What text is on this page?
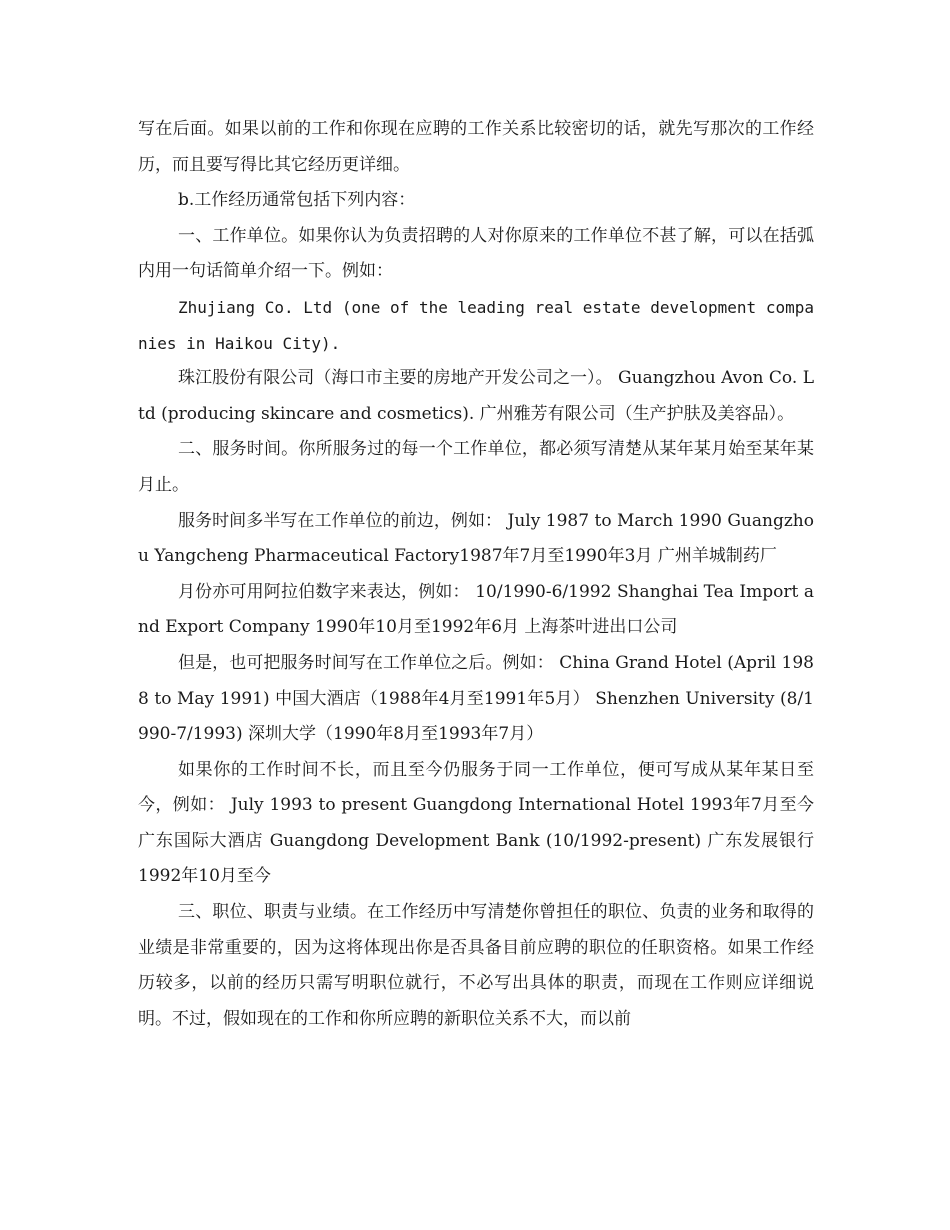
写在后面。如果以前的工作和你现在应聘的工作关系比较密切的话，就先写那次的工作经历，而且要写得比其它经历更详细。

b.工作经历通常包括下列内容：

一、工作单位。如果你认为负责招聘的人对你原来的工作单位不甚了解，可以在括弧内用一句话简单介绍一下。例如：

Zhujiang Co. Ltd (one of the leading real estate development companies in Haikou City).

珠江股份有限公司（海口市主要的房地产开发公司之一）。 Guangzhou Avon Co. Ltd (producing skincare and cosmetics). 广州雅芳有限公司（生产护肤及美容品）。

二、服务时间。你所服务过的每一个工作单位，都必须写清楚从某年某月始至某年某月止。

服务时间多半写在工作单位的前边，例如： July 1987 to March 1990 Guangzhou Yangcheng Pharmaceutical Factory1987年7月至1990年3月 广州羊城制药厂

月份亦可用阿拉伯数字来表达，例如： 10/1990-6/1992 Shanghai Tea Import and Export Company 1990年10月至1992年6月 上海茶叶进出口公司

但是，也可把服务时间写在工作单位之后。例如： China Grand Hotel (April 1988 to May 1991) 中国大酒店（1988年4月至1991年5月） Shenzhen University (8/1990-7/1993) 深圳大学（1990年8月至1993年7月）

如果你的工作时间不长，而且至今仍服务于同一工作单位，便可写成从某年某日至今，例如： July 1993 to present Guangdong International Hotel 1993年7月至今 广东国际大酒店 Guangdong Development Bank (10/1992-present) 广东发展银行 1992年10月至今

三、职位、职责与业绩。在工作经历中写清楚你曾担任的职位、负责的业务和取得的业绩是非常重要的，因为这将体现出你是否具备目前应聘的职位的任职资格。如果工作经历较多，以前的经历只需写明职位就行，不必写出具体的职责，而现在工作则应详细说明。不过，假如现在的工作和你所应聘的新职位关系不大，而以前
